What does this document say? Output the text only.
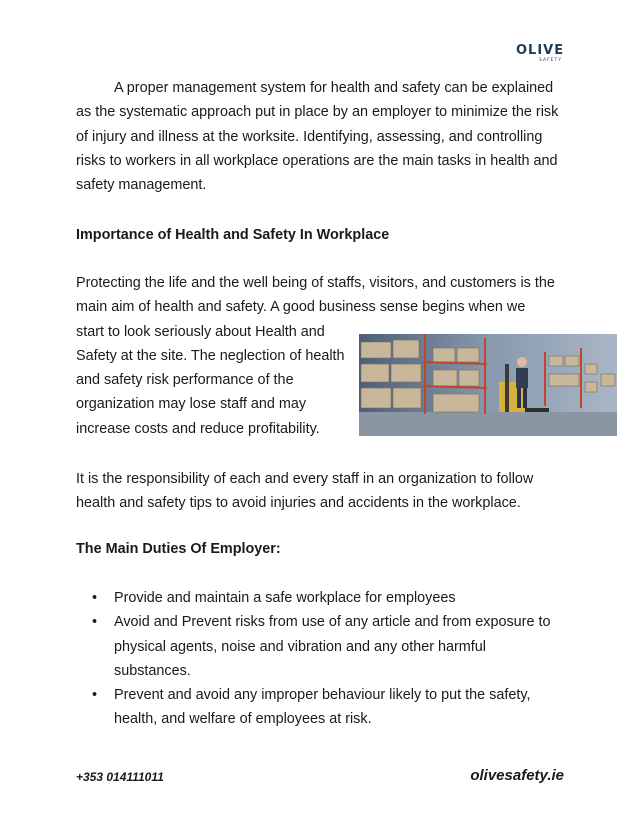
OLIVE
SAFETY

A proper management system for health and safety can be explained as the systematic approach put in place by an employer to minimize the risk of injury and illness at the worksite. Identifying, assessing, and controlling risks to workers in all workplace operations are the main tasks in health and safety management.

Importance of Health and Safety In Workplace

Protecting the life and the well being of staffs, visitors, and customers is the main aim of health and safety. A good business sense begins when we
start to look seriously about Health and Safety at the site. The neglection of health and safety risk performance of the organization may lose staff and may increase costs and reduce profitability.

It is the responsibility of each and every staff in an organization to follow health and safety tips to avoid injuries and accidents in the workplace.

The Main Duties Of Employer:

• Provide and maintain a safe workplace for employees
• Avoid and Prevent risks from use of any article and from exposure to physical agents, noise and vibration and any other harmful substances.
• Prevent and avoid any improper behaviour likely to put the safety, health, and welfare of employees at risk.
+353 014111011	olivesafety.ie
